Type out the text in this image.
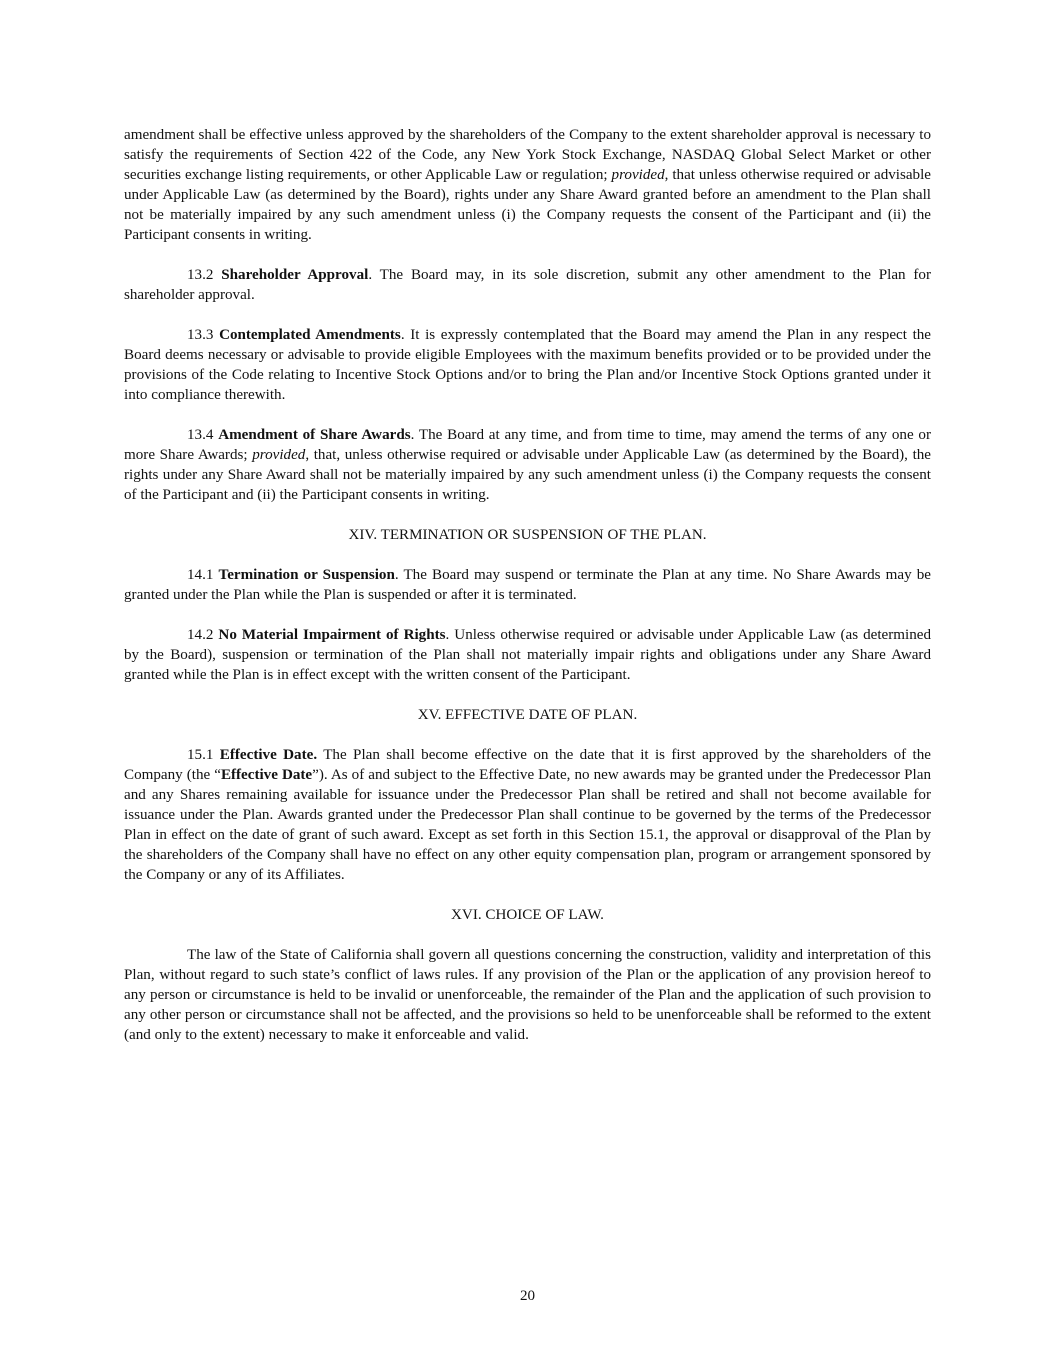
amendment shall be effective unless approved by the shareholders of the Company to the extent shareholder approval is necessary to satisfy the requirements of Section 422 of the Code, any New York Stock Exchange, NASDAQ Global Select Market or other securities exchange listing requirements, or other Applicable Law or regulation; provided, that unless otherwise required or advisable under Applicable Law (as determined by the Board), rights under any Share Award granted before an amendment to the Plan shall not be materially impaired by any such amendment unless (i) the Company requests the consent of the Participant and (ii) the Participant consents in writing.

13.2 Shareholder Approval. The Board may, in its sole discretion, submit any other amendment to the Plan for shareholder approval.

13.3 Contemplated Amendments. It is expressly contemplated that the Board may amend the Plan in any respect the Board deems necessary or advisable to provide eligible Employees with the maximum benefits provided or to be provided under the provisions of the Code relating to Incentive Stock Options and/or to bring the Plan and/or Incentive Stock Options granted under it into compliance therewith.

13.4 Amendment of Share Awards. The Board at any time, and from time to time, may amend the terms of any one or more Share Awards; provided, that, unless otherwise required or advisable under Applicable Law (as determined by the Board), the rights under any Share Award shall not be materially impaired by any such amendment unless (i) the Company requests the consent of the Participant and (ii) the Participant consents in writing.

XIV. TERMINATION OR SUSPENSION OF THE PLAN.

14.1 Termination or Suspension. The Board may suspend or terminate the Plan at any time. No Share Awards may be granted under the Plan while the Plan is suspended or after it is terminated.

14.2 No Material Impairment of Rights. Unless otherwise required or advisable under Applicable Law (as determined by the Board), suspension or termination of the Plan shall not materially impair rights and obligations under any Share Award granted while the Plan is in effect except with the written consent of the Participant.

XV. EFFECTIVE DATE OF PLAN.

15.1 Effective Date. The Plan shall become effective on the date that it is first approved by the shareholders of the Company (the “Effective Date”). As of and subject to the Effective Date, no new awards may be granted under the Predecessor Plan and any Shares remaining available for issuance under the Predecessor Plan shall be retired and shall not become available for issuance under the Plan. Awards granted under the Predecessor Plan shall continue to be governed by the terms of the Predecessor Plan in effect on the date of grant of such award. Except as set forth in this Section 15.1, the approval or disapproval of the Plan by the shareholders of the Company shall have no effect on any other equity compensation plan, program or arrangement sponsored by the Company or any of its Affiliates.

XVI. CHOICE OF LAW.

The law of the State of California shall govern all questions concerning the construction, validity and interpretation of this Plan, without regard to such state’s conflict of laws rules. If any provision of the Plan or the application of any provision hereof to any person or circumstance is held to be invalid or unenforceable, the remainder of the Plan and the application of such provision to any other person or circumstance shall not be affected, and the provisions so held to be unenforceable shall be reformed to the extent (and only to the extent) necessary to make it enforceable and valid.

20
